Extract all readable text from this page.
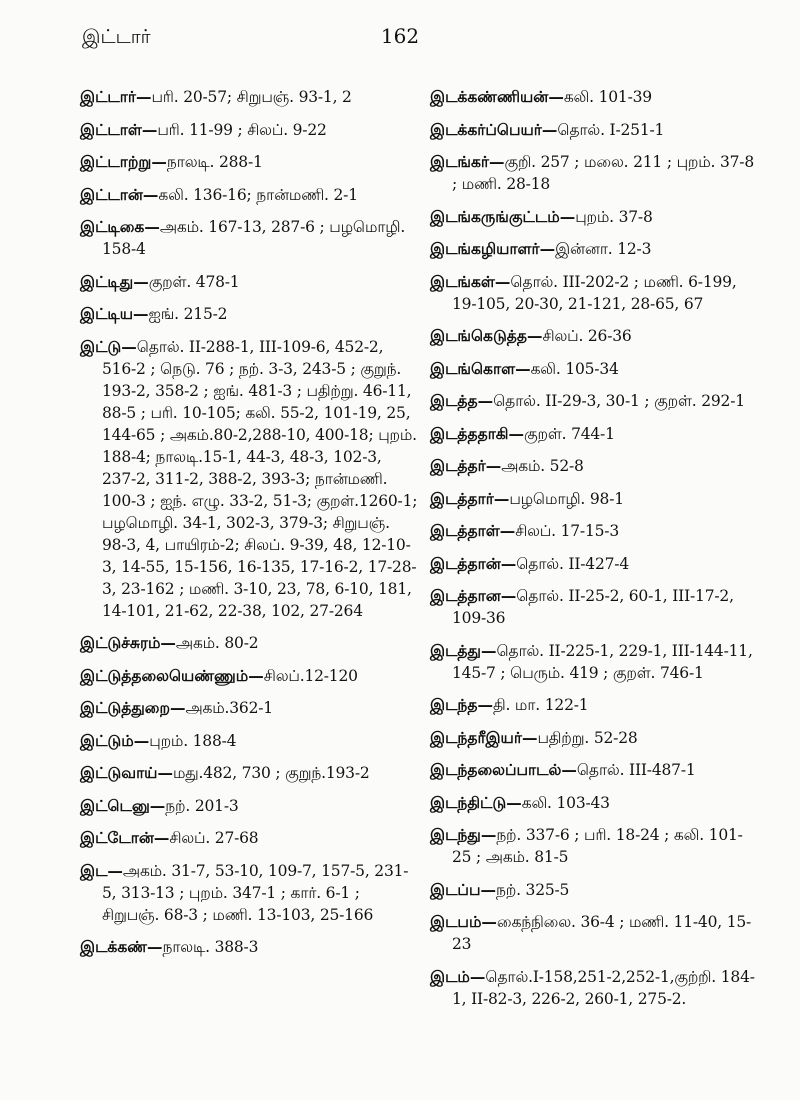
இட்டார்	162
இட்டார்—பரி. 20-57; சிறுபஞ். 93-1, 2
இட்டாள்—பரி. 11-99 ; சிலப். 9-22
இட்டாற்று—நாலடி. 288-1
இட்டான்—கலி. 136-16; நான்மணி. 2-1
இட்டிகை—அகம். 167-13, 287-6 ; பழமொழி. 158-4
இட்டிது—குறள். 478-1
இட்டிய—ஐங். 215-2
இட்டு—தொல். II-288-1, III-109-6, 452-2, 516-2 ; நெடு. 76 ; நற். 3-3, 243-5 ; குறுந். 193-2, 358-2 ; ஐங். 481-3 ; பதிற்று. 46-11, 88-5 ; பரி. 10-105; கலி. 55-2, 101-19, 25, 144-65 ; அகம்.80-2,288-10, 400-18; புறம். 188-4; நாலடி.15-1, 44-3, 48-3, 102-3, 237-2, 311-2, 388-2, 393-3; நான்மணி. 100-3 ; ஐந். எழு. 33-2, 51-3; குறள்.1260-1; பழமொழி. 34-1, 302-3, 379-3; சிறுபஞ். 98-3, 4, பாயிரம்-2; சிலப். 9-39, 48, 12-10-3, 14-55, 15-156, 16-135, 17-16-2, 17-28-3, 23-162 ; மணி. 3-10, 23, 78, 6-10, 181, 14-101, 21-62, 22-38, 102, 27-264
இட்டுச்சுரம்—அகம். 80-2
இட்டுத்தலையெண்ணும்—சிலப்.12-120
இட்டுத்துறை—அகம்.362-1
இட்டும்—புறம். 188-4
இட்டுவாய்—மது.482, 730 ; குறுந்.193-2
இட்டெனு—நற். 201-3
இட்டோன்—சிலப். 27-68
இட—அகம். 31-7, 53-10, 109-7, 157-5, 231-5, 313-13 ; புறம். 347-1 ; கார். 6-1 ; சிறுபஞ். 68-3 ; மணி. 13-103, 25-166
இடக்கண்—நாலடி. 388-3
இடக்கண்ணியன்—கலி. 101-39
இடக்கர்ப்பெயர்—தொல். I-251-1
இடங்கர்—குறி. 257 ; மலை. 211 ; புறம். 37-8 ; மணி. 28-18
இடங்கருங்குட்டம்—புறம். 37-8
இடங்கழியாளர்—இன்னா. 12-3
இடங்கள்—தொல். III-202-2 ; மணி. 6-199, 19-105, 20-30, 21-121, 28-65, 67
இடங்கெடுத்த—சிலப். 26-36
இடங்கொள—கலி. 105-34
இடத்த—தொல். II-29-3, 30-1 ; குறள். 292-1
இடத்ததாகி—குறள். 744-1
இடத்தர்—அகம். 52-8
இடத்தார்—பழமொழி. 98-1
இடத்தாள்—சிலப். 17-15-3
இடத்தான்—தொல். II-427-4
இடத்தான—தொல். II-25-2, 60-1, III-17-2, 109-36
இடத்து—தொல். II-225-1, 229-1, III-144-11, 145-7 ; பெரும். 419 ; குறள். 746-1
இடந்த—தி. மா. 122-1
இடந்தரீஇயர்—பதிற்று. 52-28
இடந்தலைப்பாடல்—தொல். III-487-1
இடந்திட்டு—கலி. 103-43
இடந்து—நற். 337-6 ; பரி. 18-24 ; கலி. 101-25 ; அகம். 81-5
இடப்ப—நற். 325-5
இடபம்—கைந்நிலை. 36-4 ; மணி. 11-40, 15-23
இடம்—தொல்.I-158,251-2,252-1,குற்றி. 184-1, II-82-3, 226-2, 260-1, 275-2.
